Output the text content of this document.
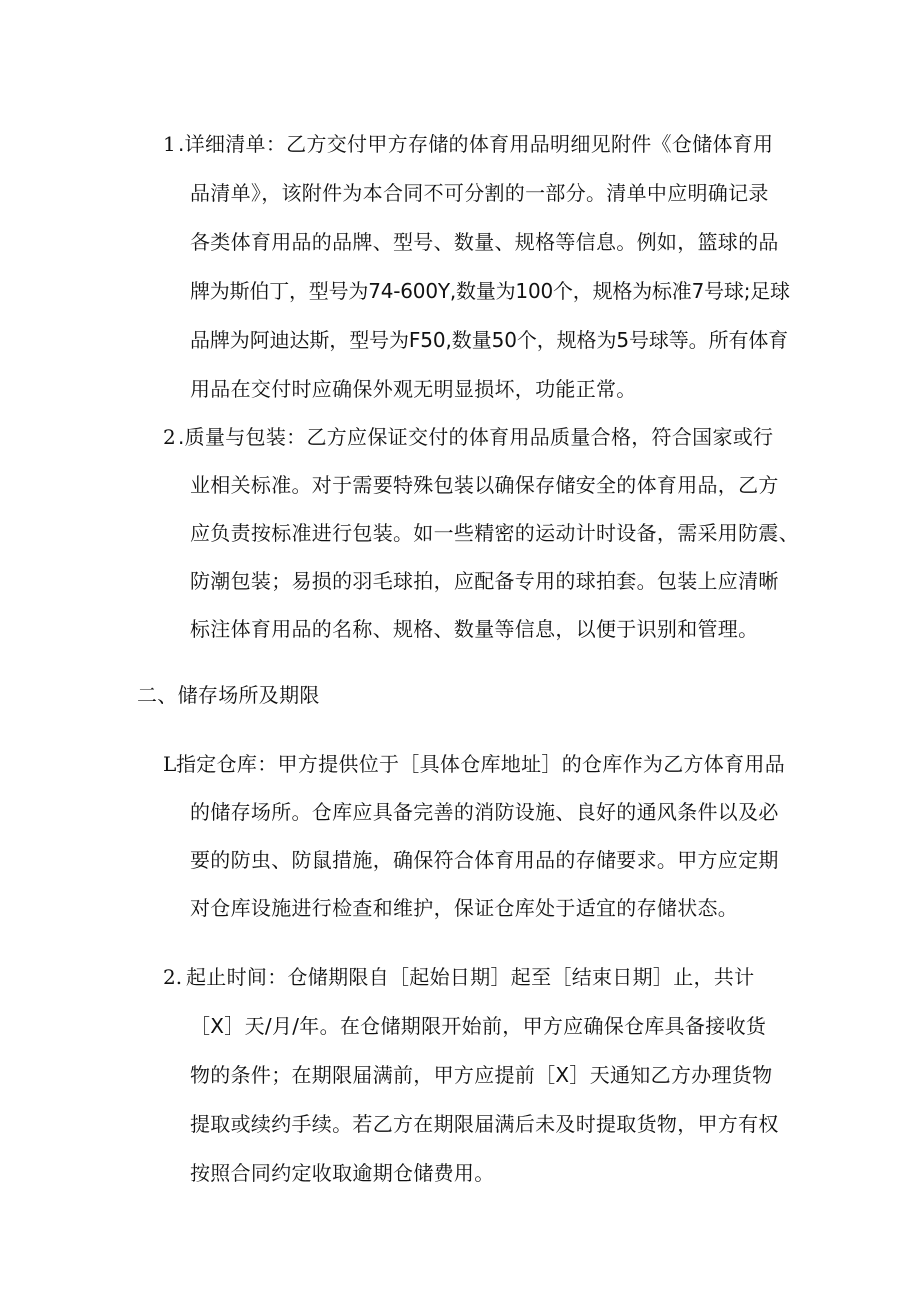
1 .详细清单：乙方交付甲方存储的体育用品明细见附件《仓储体育用
品清单》，该附件为本合同不可分割的一部分。清单中应明确记录
各类体育用品的品牌、型号、数量、规格等信息。例如，篮球的品
牌为斯伯丁，型号为74-600Y,数量为100个，规格为标准7号球;足球
品牌为阿迪达斯，型号为F50,数量50个，规格为5号球等。所有体育
用品在交付时应确保外观无明显损坏，功能正常。
2 .质量与包装：乙方应保证交付的体育用品质量合格，符合国家或行
业相关标准。对于需要特殊包装以确保存储安全的体育用品，乙方
应负责按标准进行包装。如一些精密的运动计时设备，需采用防震、
防潮包装；易损的羽毛球拍，应配备专用的球拍套。包装上应清晰
标注体育用品的名称、规格、数量等信息，以便于识别和管理。
二、储存场所及期限
L 指定仓库：甲方提供位于［具体仓库地址］的仓库作为乙方体育用品
的储存场所。仓库应具备完善的消防设施、良好的通风条件以及必
要的防虫、防鼠措施，确保符合体育用品的存储要求。甲方应定期
对仓库设施进行检查和维护，保证仓库处于适宜的存储状态。
2. 起止时间：仓储期限自［起始日期］起至［结束日期］止，共计
［X］天/月/年。在仓储期限开始前，甲方应确保仓库具备接收货
物的条件；在期限届满前，甲方应提前［X］天通知乙方办理货物
提取或续约手续。若乙方在期限届满后未及时提取货物，甲方有权
按照合同约定收取逾期仓储费用。
